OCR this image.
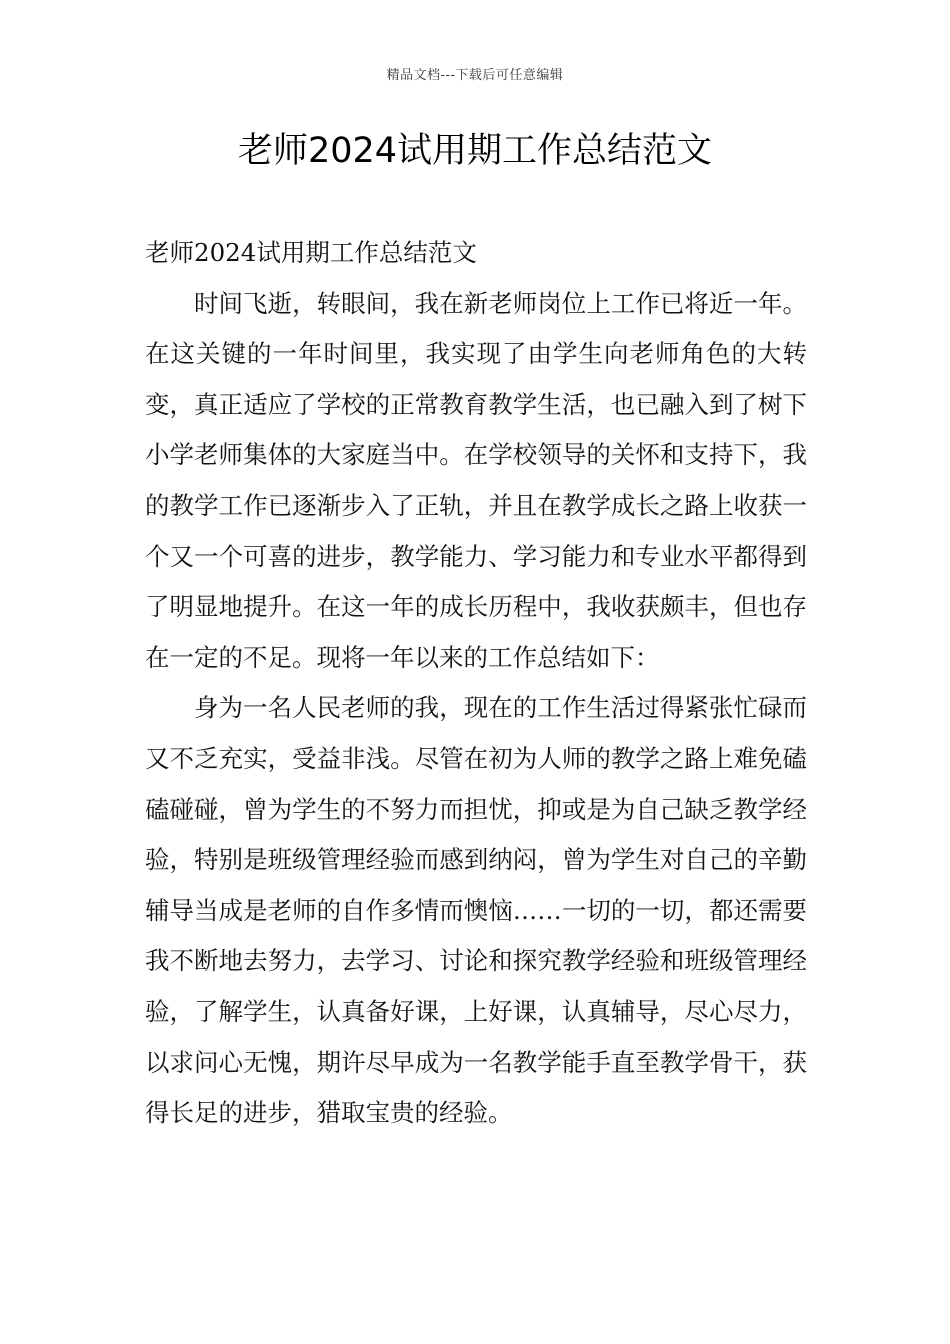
精品文档---下载后可任意编辑
老师2024试用期工作总结范文

老师2024试用期工作总结范文

时间飞逝，转眼间，我在新老师岗位上工作已将近一年。在这关键的一年时间里，我实现了由学生向老师角色的大转变，真正适应了学校的正常教育教学生活，也已融入到了树下小学老师集体的大家庭当中。在学校领导的关怀和支持下，我的教学工作已逐渐步入了正轨，并且在教学成长之路上收获一个又一个可喜的进步，教学能力、学习能力和专业水平都得到了明显地提升。在这一年的成长历程中，我收获颇丰，但也存在一定的不足。现将一年以来的工作总结如下：

身为一名人民老师的我，现在的工作生活过得紧张忙碌而又不乏充实，受益非浅。尽管在初为人师的教学之路上难免磕磕碰碰，曾为学生的不努力而担忧，抑或是为自己缺乏教学经验，特别是班级管理经验而感到纳闷，曾为学生对自己的辛勤辅导当成是老师的自作多情而懊恼……一切的一切，都还需要我不断地去努力，去学习、讨论和探究教学经验和班级管理经验，了解学生，认真备好课，上好课，认真辅导，尽心尽力，以求问心无愧，期许尽早成为一名教学能手直至教学骨干，获得长足的进步，猎取宝贵的经验。
